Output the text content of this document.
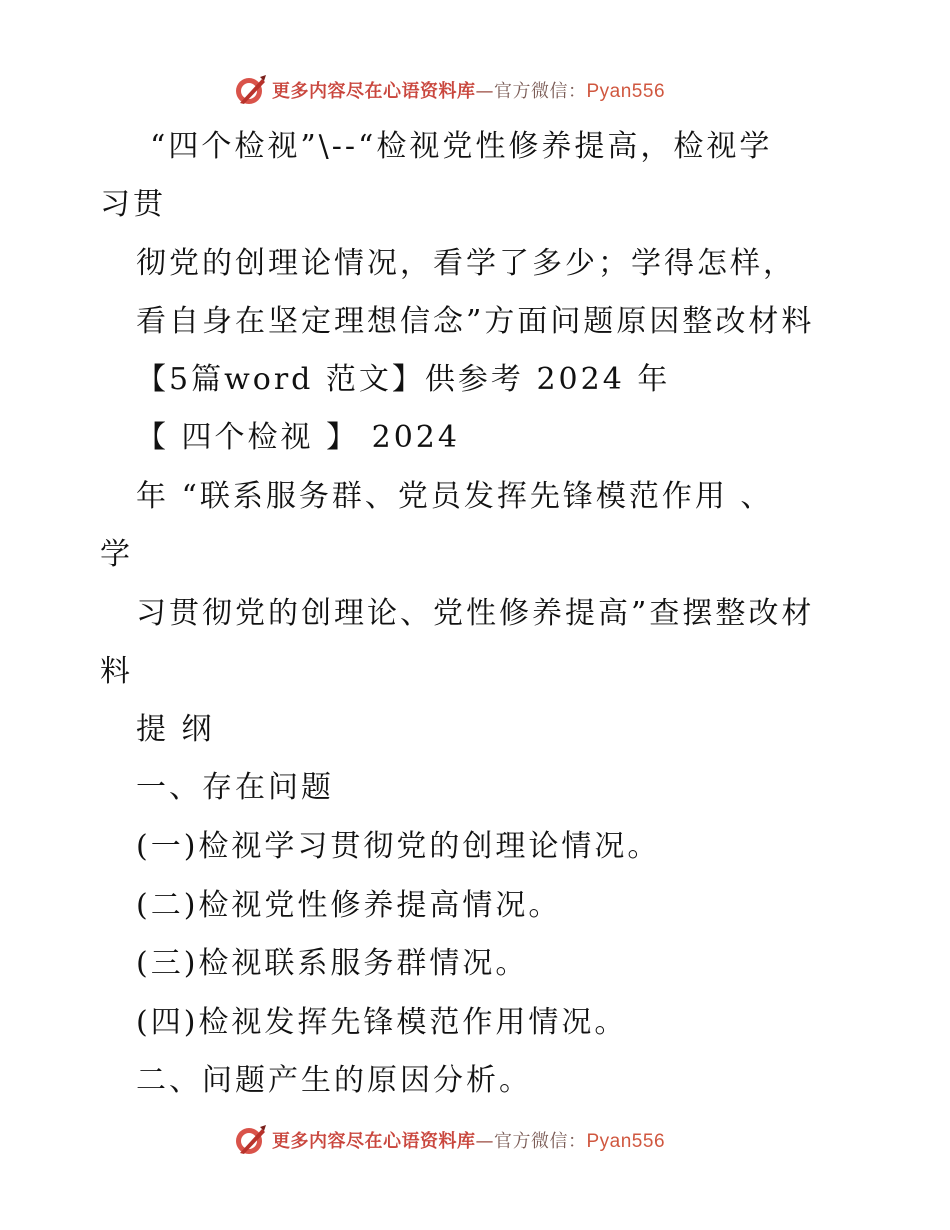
更多内容尽在心语资料库—官方微信：Pyan556
“四个检视”\--“检视党性修养提高，检视学
习贯
彻党的创理论情况，看学了多少；学得怎样，
看自身在坚定理想信念”方面问题原因整改材料
【5篇word 范文】供参考 2024 年
【 四个检视 】 2024
年 “联系服务群、党员发挥先锋模范作用 、
学
习贯彻党的创理论、党性修养提高”查摆整改材
料
提 纲
一、存在问题
(一)检视学习贯彻党的创理论情况。
(二)检视党性修养提高情况。
(三)检视联系服务群情况。
(四)检视发挥先锋模范作用情况。
二、问题产生的原因分析。
更多内容尽在心语资料库—官方微信：Pyan556
